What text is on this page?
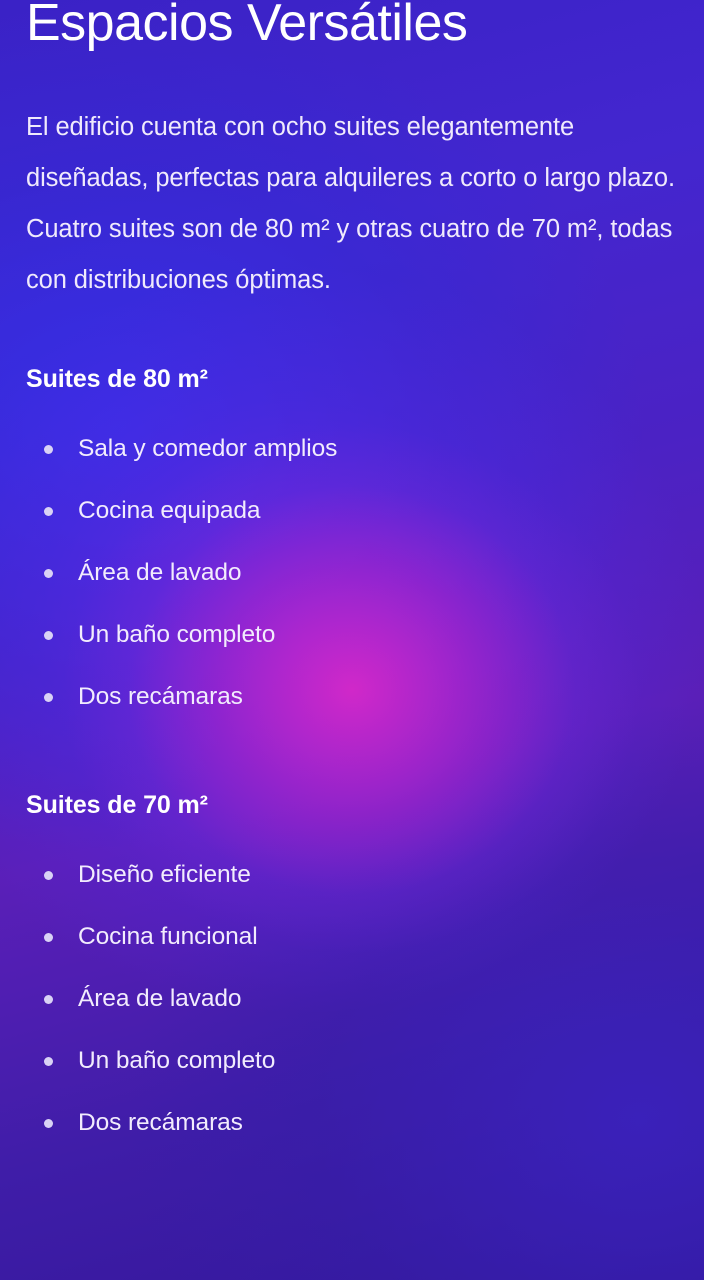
Espacios Versátiles

El edificio cuenta con ocho suites elegantemente diseñadas, perfectas para alquileres a corto o largo plazo. Cuatro suites son de 80 m² y otras cuatro de 70 m², todas con distribuciones óptimas.

Suites de 80 m²
Sala y comedor amplios
Cocina equipada
Área de lavado
Un baño completo
Dos recámaras
Suites de 70 m²
Diseño eficiente
Cocina funcional
Área de lavado
Un baño completo
Dos recámaras
